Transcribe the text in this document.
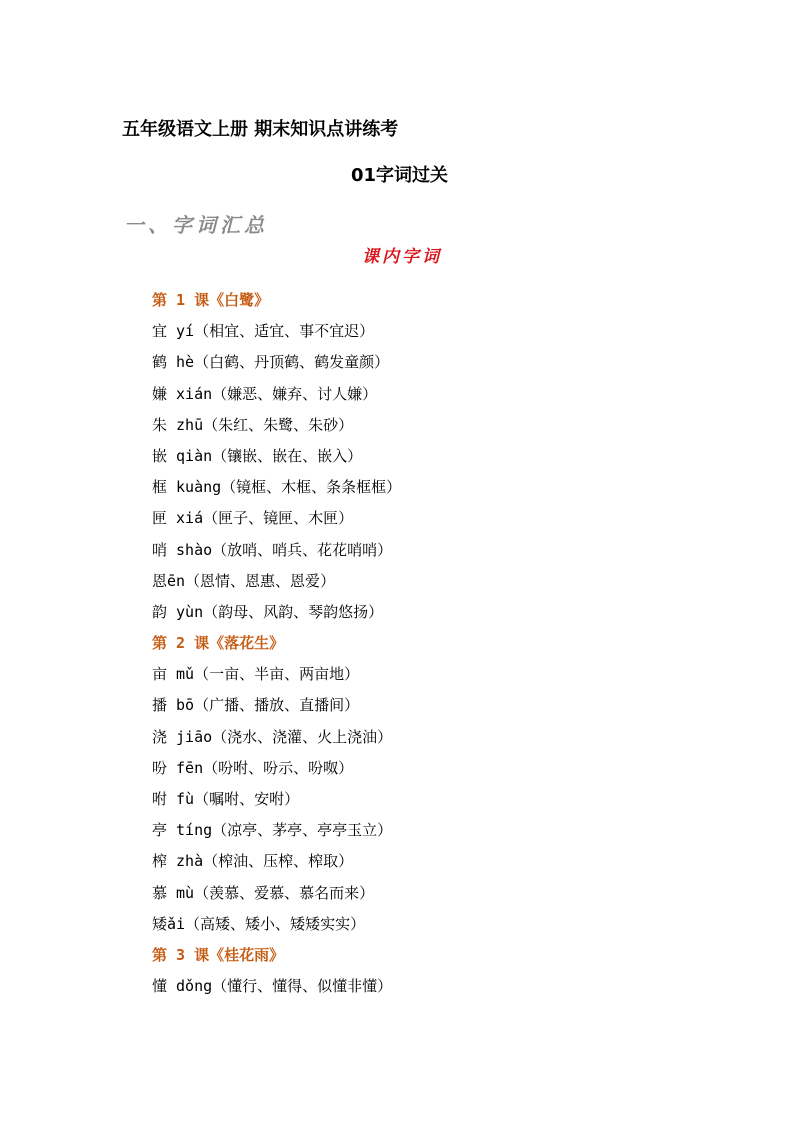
五年级语文上册 期末知识点讲练考
01字词过关
一、字词汇总
课内字词
第 1 课《白鹭》
宜 yí（相宜、适宜、事不宜迟）
鹤 hè（白鹤、丹顶鹤、鹤发童颜）
嫌 xián（嫌恶、嫌弃、讨人嫌）
朱 zhū（朱红、朱鹭、朱砂）
嵌 qiàn（镶嵌、嵌在、嵌入）
框 kuàng（镜框、木框、条条框框）
匣 xiá（匣子、镜匣、木匣）
哨 shào（放哨、哨兵、花花哨哨）
恩ēn（恩情、恩惠、恩爱）
韵 yùn（韵母、风韵、琴韵悠扬）
第 2 课《落花生》
亩 mǔ（一亩、半亩、两亩地）
播 bō（广播、播放、直播间）
浇 jiāo（浇水、浇灌、火上浇油）
吩 fēn（吩咐、吩示、吩呶）
咐 fù（嘱咐、安咐）
亭 tíng（凉亭、茅亭、亭亭玉立）
榨 zhà（榨油、压榨、榨取）
慕 mù（羡慕、爱慕、慕名而来）
矮ǎi（高矮、矮小、矮矮实实）
第 3 课《桂花雨》
懂 dǒng（懂行、懂得、似懂非懂）
